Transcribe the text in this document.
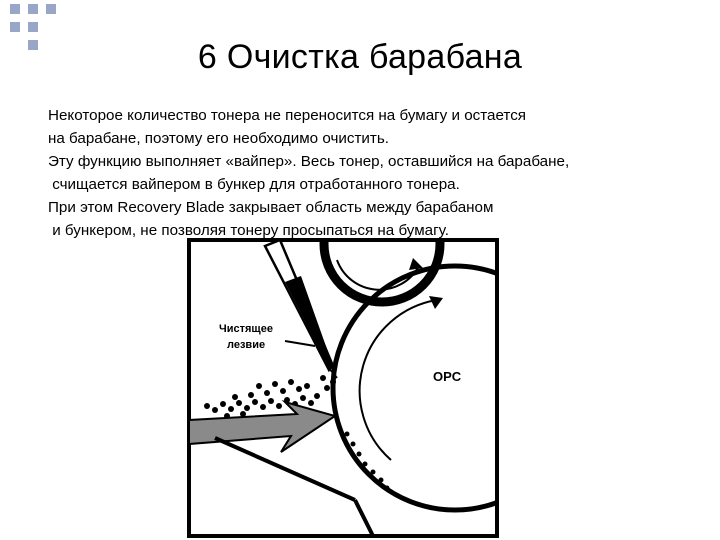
6 Очистка барабана
Некоторое количество тонера не переносится на бумагу и остается
на барабане, поэтому его необходимо очистить.
Эту функцию выполняет «вайпер». Весь тонер, оставшийся на барабане,
счищается вайпером в бункер для отработанного тонера.
При этом Recovery Blade закрывает область между барабаном
и бункером, не позволяя тонеру просыпаться на бумагу.
OPC
Чистящее
лезвие
